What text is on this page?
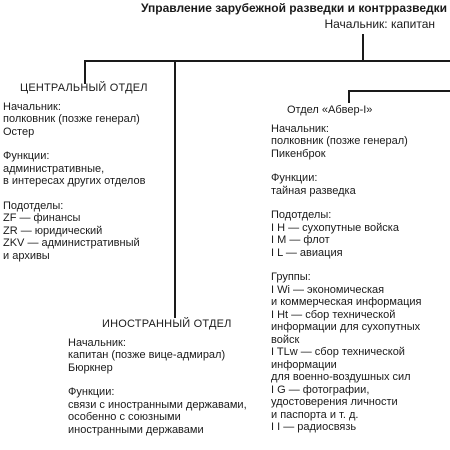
Управление зарубежной разведки и контрразведки
Начальник: капитан
ЦЕНТРАЛЬНЫЙ ОТДЕЛ
Начальник:
полковник (позже генерал)
Остер
Функции:
административные,
в интересах других отделов
Подотделы:
ZF — финансы
ZR — юридический
ZKV — административный
и архивы
Отдел «Абвер-I»
Начальник:
полковник (позже генерал)
Пикенброк
Функции:
тайная разведка
Подотделы:
I H — сухопутные войска
I M — флот
I L — авиация
Группы:
I Wi — экономическая
и коммерческая информация
I Ht — сбор технической
информации для сухопутных
войск
I TLw — сбор технической
информации
для военно-воздушных сил
I G — фотографии,
удостоверения личности
и паспорта и т. д.
I I — радиосвязь
ИНОСТРАННЫЙ ОТДЕЛ
Начальник:
капитан (позже вице-адмирал)
Бюркнер
Функции:
связи с иностранными державами,
особенно с союзными
иностранными державами
